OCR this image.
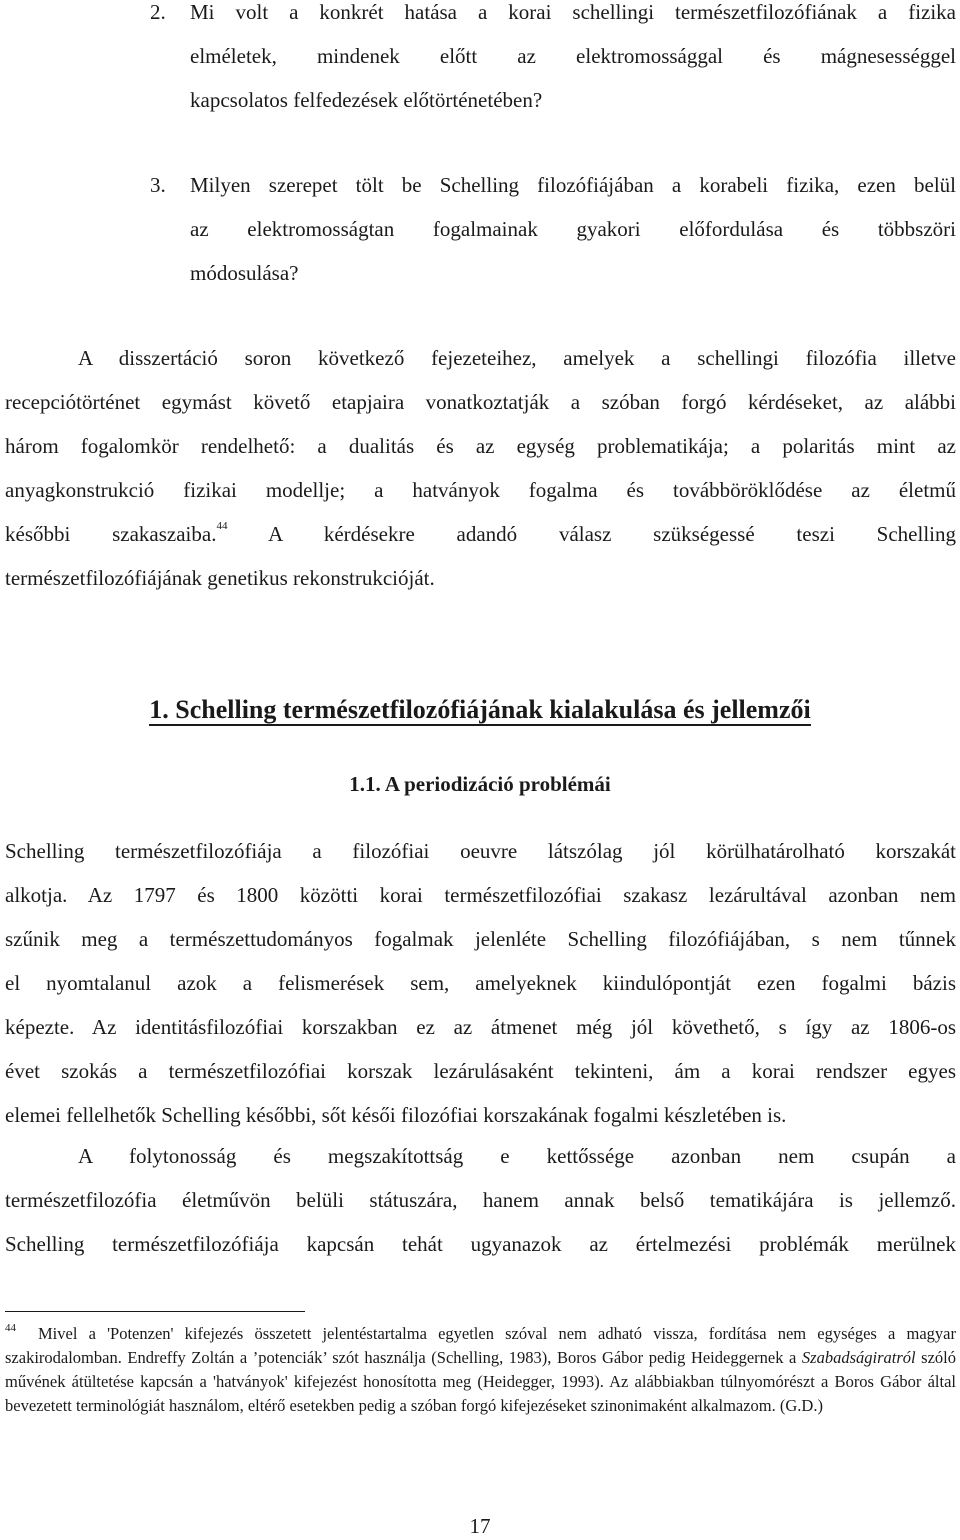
2. Mi volt a konkrét hatása a korai schellingi természetfilozófiának a fizika

elméletek, mindenek előtt az elektromossággal és mágnesességgel

kapcsolatos felfedezések előtörténetében?

3. Milyen szerepet tölt be Schelling filozófiájában a korabeli fizika, ezen belül

az elektromosságtan fogalmainak gyakori előfordulása és többszöri

módosulása?

A disszertáció soron következő fejezeteihez, amelyek a schellingi filozófia illetve

recepciótörténet egymást követő etapjaira vonatkoztatják a szóban forgó kérdéseket, az alábbi

három fogalomkör rendelhető: a dualitás és az egység problematikája; a polaritás mint az

anyagkonstrukció fizikai modellje; a hatványok fogalma és továbböröklődése az életmű

későbbi szakaszaiba.$^{44}$ A kérdésekre adandó válasz szükségessé teszi Schelling

természetfilozófiájának genetikus rekonstrukcióját.

1. Schelling természetfilozófiájának kialakulása és jellemzői
1.1. A periodizáció problémái

Schelling természetfilozófiája a filozófiai oeuvre látszólag jól körülhatárolható korszakát

alkotja. Az 1797 és 1800 közötti korai természetfilozófiai szakasz lezárultával azonban nem

szűnik meg a természettudományos fogalmak jelenléte Schelling filozófiájában, s nem tűnnek

el nyomtalanul azok a felismerések sem, amelyeknek kiindulópontját ezen fogalmi bázis

képezte. Az identitásfilozófiai korszakban ez az átmenet még jól követhető, s így az 1806-os

évet szokás a természetfilozófiai korszak lezárulásaként tekinteni, ám a korai rendszer egyes

elemei fellelhetők Schelling későbbi, sőt késői filozófiai korszakának fogalmi készletében is.

A folytonosság és megszakítottság e kettőssége azonban nem csupán a

természetfilozófia életművön belüli státuszára, hanem annak belső tematikájára is jellemző.

Schelling természetfilozófiája kapcsán tehát ugyanazok az értelmezési problémák merülnek

$^{44}$ Mivel a 'Potenzen' kifejezés összetett jelentéstartalma egyetlen szóval nem adható vissza, fordítása nem egységes a magyar szakirodalomban. Endreffy Zoltán a ’potenciák’ szót használja (Schelling, 1983), Boros Gábor pedig Heideggernek a Szabadságiratról szóló művének átültetése kapcsán a 'hatványok' kifejezést honosította meg (Heidegger, 1993). Az alábbiakban túlnyomórészt a Boros Gábor által bevezetett terminológiát használom, eltérő esetekben pedig a szóban forgó kifejezéseket szinonimaként alkalmazom. (G.D.)

17
